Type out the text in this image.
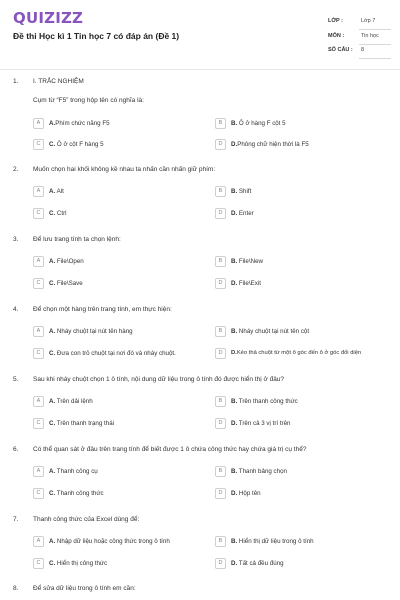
QUIZIZZ
Đề thi Học kì 1 Tin học 7 có đáp án (Đề 1)
LỚP :	Lớp 7
MÔN :	Tin học
SỐ CÂU : 8
1. I. TRẮC NGHIỆM
Cụm từ “F5” trong hộp tên có nghĩa là:
A	A.Phím chức năng F5	B	B. Ô ở hàng F cột 5
C	C. Ô ở cột F hàng 5	D	D.Phông chữ hiện thời là F5
2. Muốn chọn hai khối không kề nhau ta nhấn cần nhấn giữ phím:
A	A. Alt	B	B. Shift
C	C. Ctrl	D	D. Enter
3. Để lưu trang tính ta chọn lệnh:
A	A. File\Open	B	B. File\New
C	C. File\Save	D	D. File\Exit
4. Để chọn một hàng trên trang tính, em thực hiện:
A	A. Nháy chuột tại nút tên hàng	B	B. Nháy chuột tại nút tên cột
C	C. Đưa con trỏ chuột tại nơi đó và nháy chuột.	D	D.Kéo thả chuột từ một ô góc đến ô ở góc đối diện
5. Sau khi nháy chuột chọn 1 ô tính, nội dung dữ liệu trong ô tính đó được hiển thị ở đâu?
A	A. Trên dải lệnh	B	B. Trên thanh công thức
C	C. Trên thanh trạng thái	D	D. Trên cả 3 vị trí trên
6. Có thể quan sát ở đâu trên trang tính để biết được 1 ô chứa công thức hay chứa giá trị cụ thể?
A	A. Thanh công cụ	B	B. Thanh bảng chọn
C	C. Thanh công thức	D	D. Hộp tên
7. Thanh công thức của Excel dùng để:
A	A. Nhập dữ liệu hoặc công thức trong ô tính	B	B. Hiển thị dữ liệu trong ô tính
C	C. Hiển thị công thức	D	D. Tất cả đều đúng
8. Để sửa dữ liệu trong ô tính em cần:
